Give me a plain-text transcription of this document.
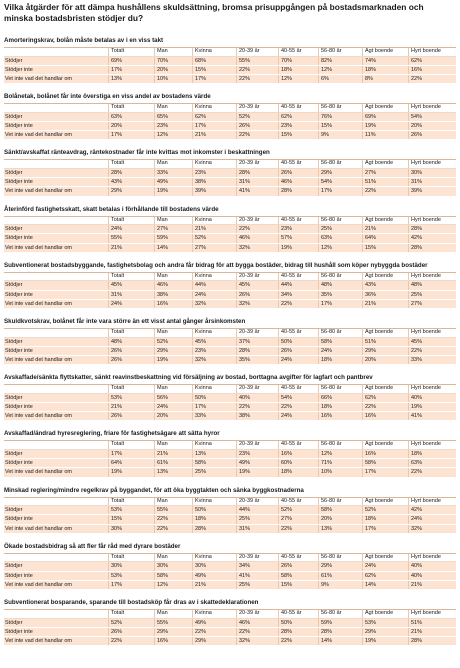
Vilka åtgärder för att dämpa hushållens skuldsättning, bromsa prisuppgången på bostadsmarknaden och minska bostadsbristen stödjer du?
Amorteringskrav, bolån måste betalas av i en viss takt
Totalt	Man	Kvinna	20-39 år	40-55 år	56-80 år	Ägt boende	Hyrt boende
Stödjer	69%	70%	68%	55%	70%	82%	74%	62%
Stödjer inte	17%	20%	15%	22%	18%	12%	18%	16%
Vet inte vad det handlar om	13%	10%	17%	22%	12%	6%	8%	22%
Bolånetak, bolånet får inte överstiga en viss andel av bostadens värde
Totalt	Man	Kvinna	20-39 år	40-55 år	56-80 år	Ägt boende	Hyrt boende
Stödjer	63%	65%	62%	52%	62%	76%	69%	54%
Stödjer inte	20%	23%	17%	26%	23%	15%	19%	20%
Vet inte vad det handlar om	17%	12%	21%	22%	15%	9%	11%	26%
Sänkt/avskaffat ränteavdrag, räntekostnader får inte kvittas mot inkomster i beskattningen
Totalt	Man	Kvinna	20-39 år	40-55 år	56-80 år	Ägt boende	Hyrt boende
Stödjer	28%	33%	23%	28%	26%	29%	27%	30%
Stödjer inte	43%	49%	38%	31%	46%	54%	51%	31%
Vet inte vad det handlar om	29%	19%	39%	41%	28%	17%	22%	39%
Återinförd fastighetsskatt, skatt betalas i förhållande till bostadens värde
Totalt	Man	Kvinna	20-39 år	40-55 år	56-80 år	Ägt boende	Hyrt boende
Stödjer	24%	27%	21%	22%	23%	25%	21%	28%
Stödjer inte	55%	59%	52%	46%	57%	63%	64%	42%
Vet inte vad det handlar om	21%	14%	27%	32%	19%	12%	15%	28%
Subventionerat bostadsbyggande, fastighetsbolag och andra får bidrag för att bygga bostäder, bidrag till hushåll som köper nybyggda bostäder
Totalt	Man	Kvinna	20-39 år	40-55 år	56-80 år	Ägt boende	Hyrt boende
Stödjer	45%	46%	44%	45%	44%	48%	43%	48%
Stödjer inte	31%	38%	24%	26%	34%	35%	36%	25%
Vet inte vad det handlar om	24%	16%	32%	32%	22%	17%	21%	27%
Skuldkvotskrav, bolånet får inte vara större än ett visst antal gånger årsinkomsten
Totalt	Man	Kvinna	20-39 år	40-55 år	56-80 år	Ägt boende	Hyrt boende
Stödjer	48%	52%	45%	37%	50%	58%	51%	45%
Stödjer inte	26%	29%	23%	28%	26%	24%	29%	22%
Vet inte vad det handlar om	26%	19%	32%	35%	24%	18%	20%	33%
Avskaffade/sänkta flyttskatter, sänkt reavinstbeskattning vid försäljning av bostad, borttagna avgifter för lagfart och pantbrev
Totalt	Man	Kvinna	20-39 år	40-55 år	56-80 år	Ägt boende	Hyrt boende
Stödjer	53%	56%	50%	40%	54%	66%	62%	40%
Stödjer inte	21%	24%	17%	22%	22%	18%	22%	19%
Vet inte vad det handlar om	26%	20%	33%	38%	24%	16%	16%	41%
Avskaffad/ändrad hyresreglering, friare för fastighetsägare att sätta hyror
Totalt	Man	Kvinna	20-39 år	40-55 år	56-80 år	Ägt boende	Hyrt boende
Stödjer	17%	21%	13%	23%	16%	12%	16%	18%
Stödjer inte	64%	61%	58%	49%	60%	71%	58%	63%
Vet inte vad det handlar om	19%	13%	25%	19%	18%	10%	17%	22%
Minskad reglering/mindre regelkrav på byggandet, för att öka byggtakten och sänka byggkostnaderna
Totalt	Man	Kvinna	20-39 år	40-55 år	56-80 år	Ägt boende	Hyrt boende
Stödjer	53%	55%	50%	44%	52%	58%	52%	42%
Stödjer inte	15%	22%	18%	25%	27%	20%	18%	24%
Vet inte vad det handlar om	30%	22%	28%	31%	22%	13%	17%	32%
Ökade bostadsbidrag så att fler får råd med dyrare bostäder
Totalt	Man	Kvinna	20-39 år	40-55 år	56-80 år	Ägt boende	Hyrt boende
Stödjer	30%	30%	30%	34%	26%	29%	24%	40%
Stödjer inte	53%	58%	49%	41%	58%	61%	62%	40%
Vet inte vad det handlar om	17%	12%	21%	25%	15%	9%	14%	21%
Subventionerat bosparande, sparande till bostadsköp får dras av i skattedeklarationen
Totalt	Man	Kvinna	20-39 år	40-55 år	56-80 år	Ägt boende	Hyrt boende
Stödjer	52%	55%	49%	46%	50%	59%	53%	51%
Stödjer inte	26%	29%	22%	22%	28%	28%	29%	21%
Vet inte vad det handlar om	22%	16%	29%	32%	22%	14%	19%	28%
